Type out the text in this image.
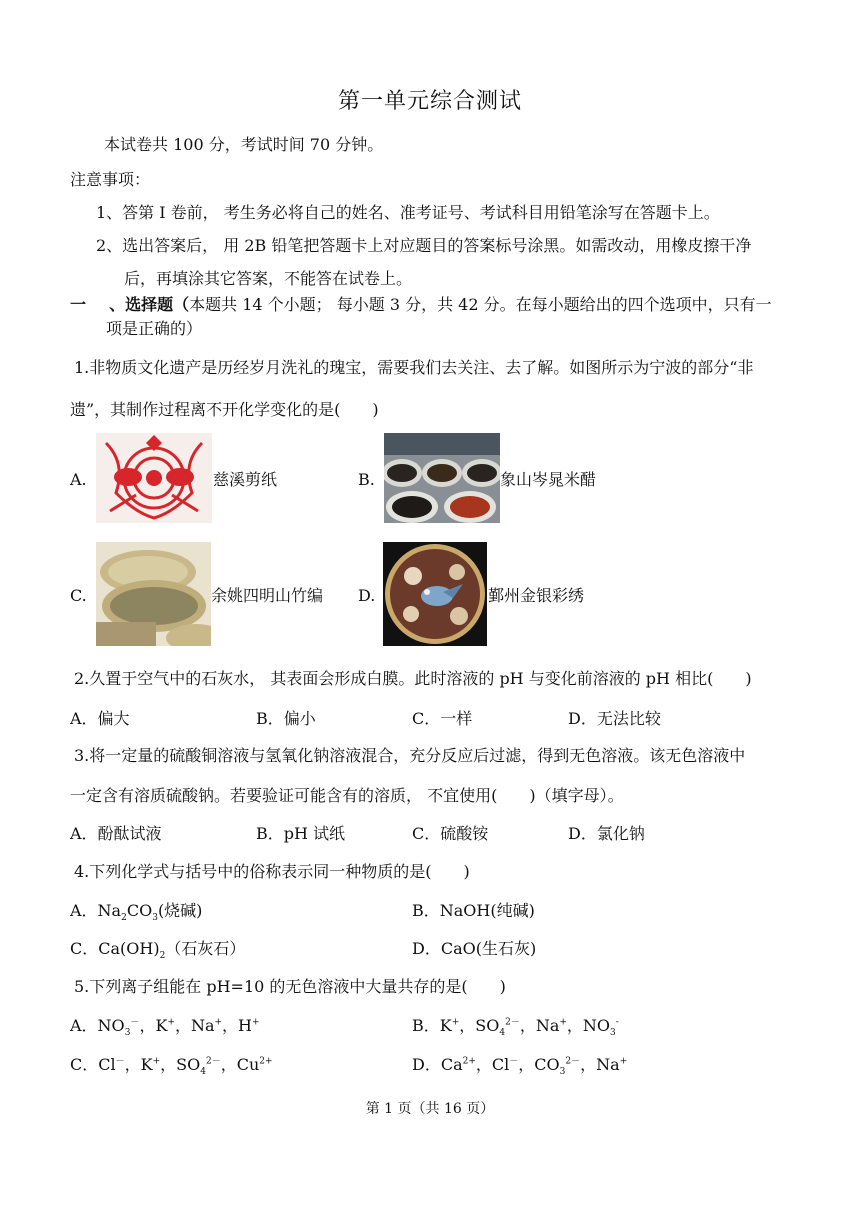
第一单元综合测试
本试卷共 100 分，考试时间 70 分钟。
注意事项：
1、答第 I 卷前， 考生务必将自己的姓名、准考证号、考试科目用铅笔涂写在答题卡上。
2、选出答案后， 用 2B 铅笔把答题卡上对应题目的答案标号涂黑。如需改动，用橡皮擦干净
后，再填涂其它答案，不能答在试卷上。
一 、选择题（本题共 14 个小题； 每小题 3 分，共 42 分。在每小题给出的四个选项中，只有一
项是正确的）
1.非物质文化遗产是历经岁月洗礼的瑰宝，需要我们去关注、去了解。如图所示为宁波的部分“非
遗”，其制作过程离不开化学变化的是(　　)
A.	慈溪剪纸	B.	象山岑晁米醋
C.	余姚四明山竹编 D.	鄞州金银彩绣
2.久置于空气中的石灰水， 其表面会形成白膜。此时溶液的 pH 与变化前溶液的 pH 相比(　　)
A．偏大	B．偏小	C．一样	D．无法比较
3.将一定量的硫酸铜溶液与氢氧化钠溶液混合，充分反应后过滤，得到无色溶液。该无色溶液中
一定含有溶质硫酸钠。若要验证可能含有的溶质， 不宜使用(　　)（填字母）。
A．酚酞试液	B．pH 试纸	C．硫酸铵	D．氯化钠
4.下列化学式与括号中的俗称表示同一种物质的是(　　)
A．$Na_2CO_3$(烧碱)	B．NaOH(纯碱)
C．$Ca(OH)_2$（石灰石）	D．CaO(生石灰)
5.下列离子组能在 pH=10 的无色溶液中大量共存的是(　　)
A．$NO_3^-$，K+，Na+，H+	B．K+，$SO_4^{2-}$，Na+，$NO_3^-$
C．Cl－，K+，$SO_4^{2-}$，$Cu^{2+}$	D．$Ca^{2+}$，Cl－，$CO_3^{2-}$，Na+
第 1 页（共 16 页）
